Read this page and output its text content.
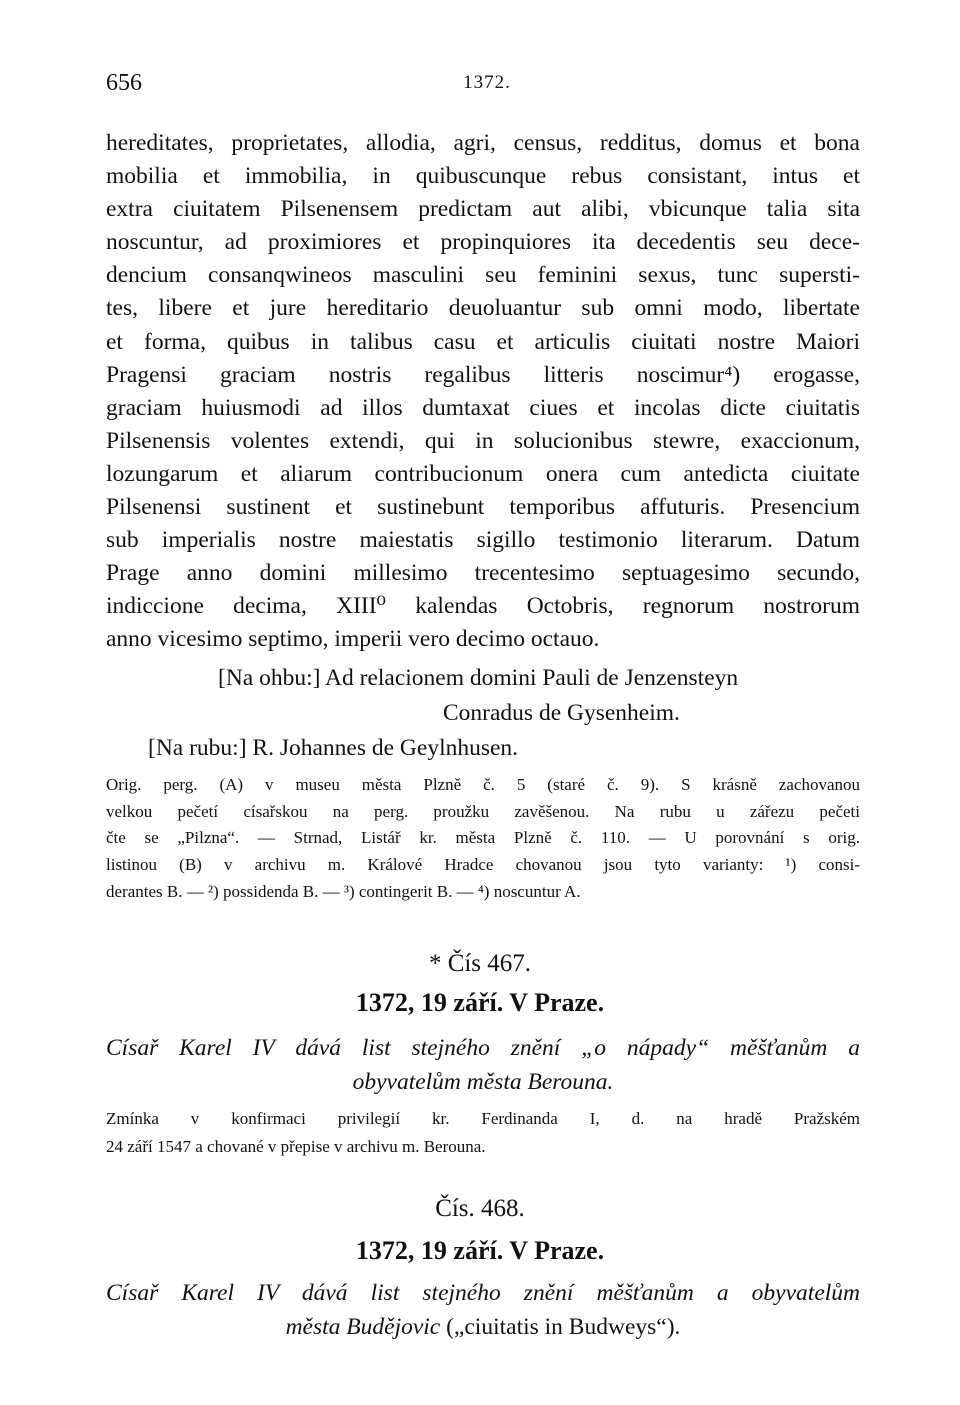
656	1372.
hereditates, proprietates, allodia, agri, census, redditus, domus et bona
mobilia et immobilia, in quibuscunque rebus consistant, intus et
extra ciuitatem Pilsenensem predictam aut alibi, vbicunque talia sita
noscuntur, ad proximiores et propinquiores ita decedentis seu dece-
dencium consanqwineos masculini seu feminini sexus, tunc supersti-
tes, libere et jure hereditario deuoluantur sub omni modo, libertate
et forma, quibus in talibus casu et articulis ciuitati nostre Maiori
Pragensi graciam nostris regalibus litteris noscimur⁴) erogasse,
graciam huiusmodi ad illos dumtaxat ciues et incolas dicte ciuitatis
Pilsenensis volentes extendi, qui in solucionibus stewre, exaccionum,
lozungarum et aliarum contribucionum onera cum antedicta ciuitate
Pilsenensi sustinent et sustinebunt temporibus affuturis. Presencium
sub imperialis nostre maiestatis sigillo testimonio literarum. Datum
Prage anno domini millesimo trecentesimo septuagesimo secundo,
indiccione decima, XIII⁰ kalendas Octobris, regnorum nostrorum
anno vicesimo septimo, imperii vero decimo octauo.
[Na ohbu:] Ad relacionem domini Pauli de Jenzensteyn
Conradus de Gysenheim.
[Na rubu:] R. Johannes de Geylnhusen.
Orig. perg. (A) v museu města Plzně č. 5 (staré č. 9). S krásně zachovanou
velkou pečetí císařskou na perg. proužku zavěšenou. Na rubu u zářezu pečeti
čte se „Pilzna“. — Strnad, Listář kr. města Plzně č. 110. — U porovnání s orig.
listinou (B) v archivu m. Králové Hradce chovanou jsou tyto varianty: ¹) consi-
derantes B. — ²) possidenda B. — ³) contingerit B. — ⁴) noscuntur A.
* Čís 467.
1372, 19 září. V Praze.
Císař Karel IV dává list stejného znění „o nápady“ měšťanům a
obyvatelům města Berouna.
Zmínka v konfirmaci privilegií kr. Ferdinanda I, d. na hradě Pražském
24 září 1547 a chované v přepise v archivu m. Berouna.
Čís. 468.
1372, 19 září. V Praze.
Císař Karel IV dává list stejného znění měšťanům a obyvatelům
města Budějovic („ciuitatis in Budweys“).
